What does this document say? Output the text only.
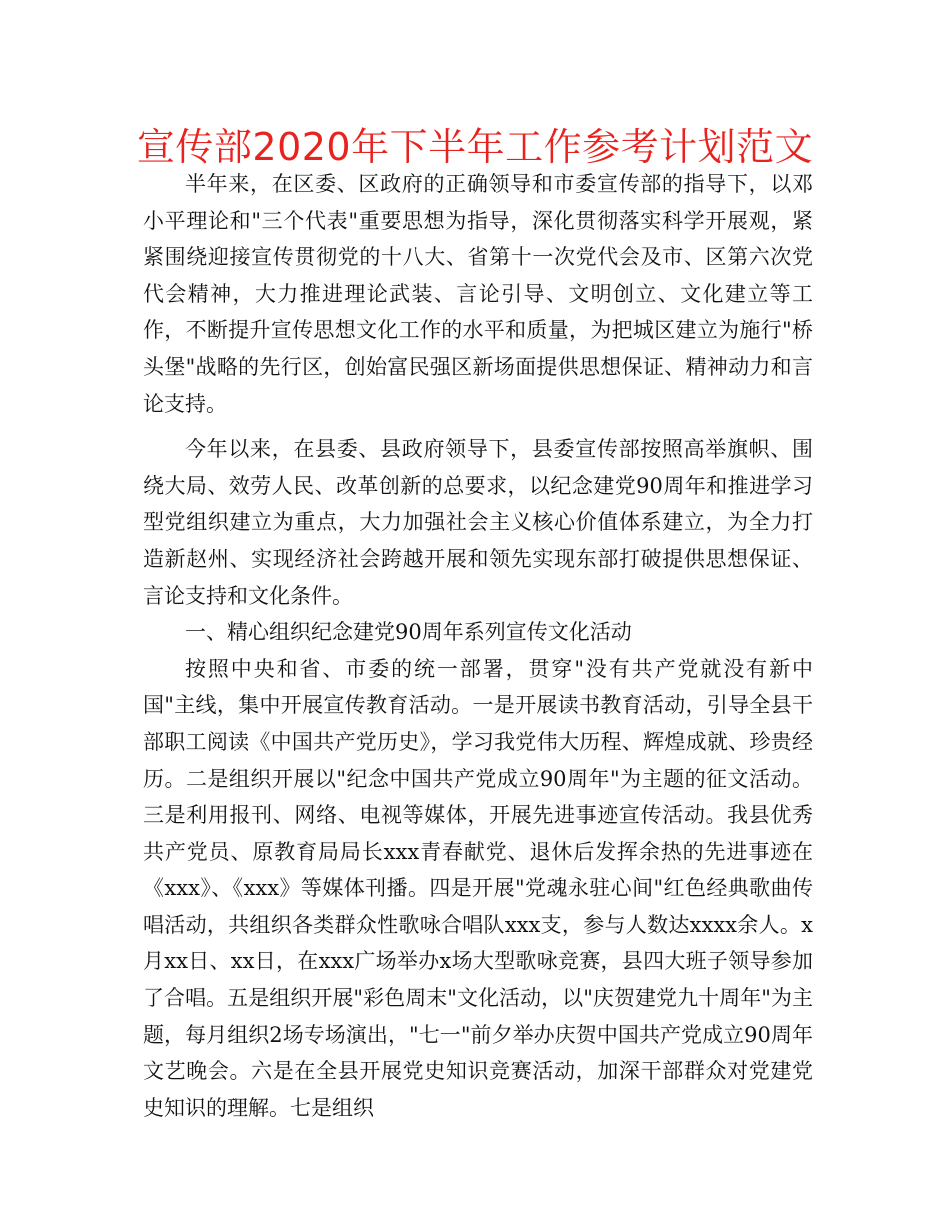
宣传部2020年下半年工作参考计划范文

半年来，在区委、区政府的正确领导和市委宣传部的指导下，以邓小平理论和"三个代表"重要思想为指导，深化贯彻落实科学开展观，紧紧围绕迎接宣传贯彻党的十八大、省第十一次党代会及市、区第六次党代会精神，大力推进理论武装、言论引导、文明创立、文化建立等工作，不断提升宣传思想文化工作的水平和质量，为把城区建立为施行"桥头堡"战略的先行区，创始富民强区新场面提供思想保证、精神动力和言论支持。

今年以来，在县委、县政府领导下，县委宣传部按照高举旗帜、围绕大局、效劳人民、改革创新的总要求，以纪念建党90周年和推进学习型党组织建立为重点，大力加强社会主义核心价值体系建立，为全力打造新赵州、实现经济社会跨越开展和领先实现东部打破提供思想保证、言论支持和文化条件。

一、精心组织纪念建党90周年系列宣传文化活动

按照中央和省、市委的统一部署，贯穿"没有共产党就没有新中国"主线，集中开展宣传教育活动。一是开展读书教育活动，引导全县干部职工阅读《中国共产党历史》，学习我党伟大历程、辉煌成就、珍贵经历。二是组织开展以"纪念中国共产党成立90周年"为主题的征文活动。三是利用报刊、网络、电视等媒体，开展先进事迹宣传活动。我县优秀共产党员、原教育局局长xxx青春献党、退休后发挥余热的先进事迹在《xxx》、《xxx》等媒体刊播。四是开展"党魂永驻心间"红色经典歌曲传唱活动，共组织各类群众性歌咏合唱队xxx支，参与人数达xxxx余人。x月xx日、xx日，在xxx广场举办x场大型歌咏竞赛，县四大班子领导参加了合唱。五是组织开展"彩色周末"文化活动，以"庆贺建党九十周年"为主题，每月组织2场专场演出，"七一"前夕举办庆贺中国共产党成立90周年文艺晚会。六是在全县开展党史知识竞赛活动，加深干部群众对党建党史知识的理解。七是组织
